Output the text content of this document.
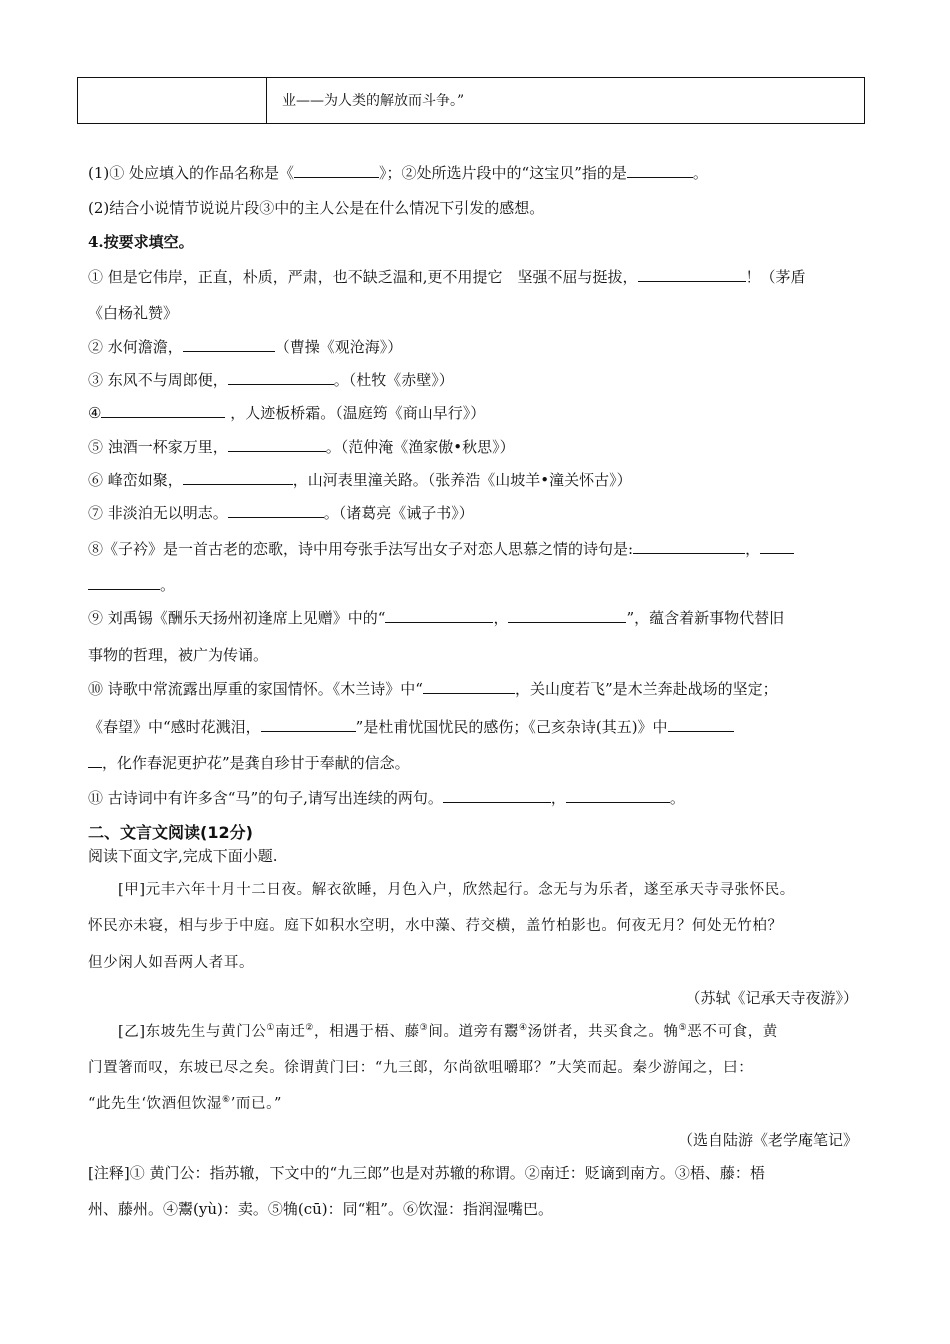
业——为人类的解放而斗争。”
(1)① 处应填入的作品名称是《	》；②处所选片段中的“这宝贝”指的是	。
(2)结合小说情节说说片段③中的主人公是在什么情况下引发的感想。
4.按要求填空。
① 但是它伟岸，正直，朴质，严肃，也不缺乏温和,更不用提它　坚强不屈与挺拔，	！（茅盾
《白杨礼赞》
② 水何澹澹，	（曹操《观沧海》）
③ 东风不与周郎便，	。（杜牧《赤壁》）
④	，人迹板桥霜。（温庭筠《商山早行》）
⑤ 浊酒一杯家万里，	。（范仲淹《渔家傲•秋思》）
⑥ 峰峦如聚，	，山河表里潼关路。（张养浩《山坡羊•潼关怀古》）
⑦ 非淡泊无以明志。	。（诸葛亮《诫子书》）
⑧《子衿》是一首古老的恋歌，诗中用夸张手法写出女子对恋人思慕之情的诗句是:	，
。
⑨ 刘禹锡《酬乐天扬州初逢席上见赠》中的“	，	”，蕴含着新事物代替旧
事物的哲理，被广为传诵。
⑩ 诗歌中常流露出厚重的家国情怀。《木兰诗》中“	，关山度若飞”是木兰奔赴战场的坚定；
《春望》中“感时花溅泪，	”是杜甫忧国忧民的感伤；《己亥杂诗(其五)》中
，化作春泥更护花”是龚自珍甘于奉献的信念。
⑪ 古诗词中有许多含“马”的句子,请写出连续的两句。	，	。
二、文言文阅读(12分)
阅读下面文字,完成下面小题.
[甲]元丰六年十月十二日夜。解衣欲睡，月色入户，欣然起行。念无与为乐者，遂至承天寺寻张怀民。
怀民亦未寝，相与步于中庭。庭下如积水空明，水中藻、荇交横，盖竹柏影也。何夜无月？何处无竹柏？
但少闲人如吾两人者耳。
（苏轼《记承天寺夜游》）
[乙]东坡先生与黄门公①南迁②，相遇于梧、藤③间。道旁有鬻④汤饼者，共买食之。觕⑤恶不可食，黄
门置箸而叹，东坡已尽之矣。徐谓黄门曰：“九三郎，尔尚欲咀嚼耶？”大笑而起。秦少游闻之，曰：
“此先生‘饮酒但饮湿⑥’而已。”
（选自陆游《老学庵笔记》
[注释]① 黄门公：指苏辙，下文中的“九三郎”也是对苏辙的称谓。②南迁：贬谪到南方。③梧、藤：梧
州、藤州。④鬻(yù)：卖。⑤觕(cū)：同“粗”。⑥饮湿：指润湿嘴巴。
